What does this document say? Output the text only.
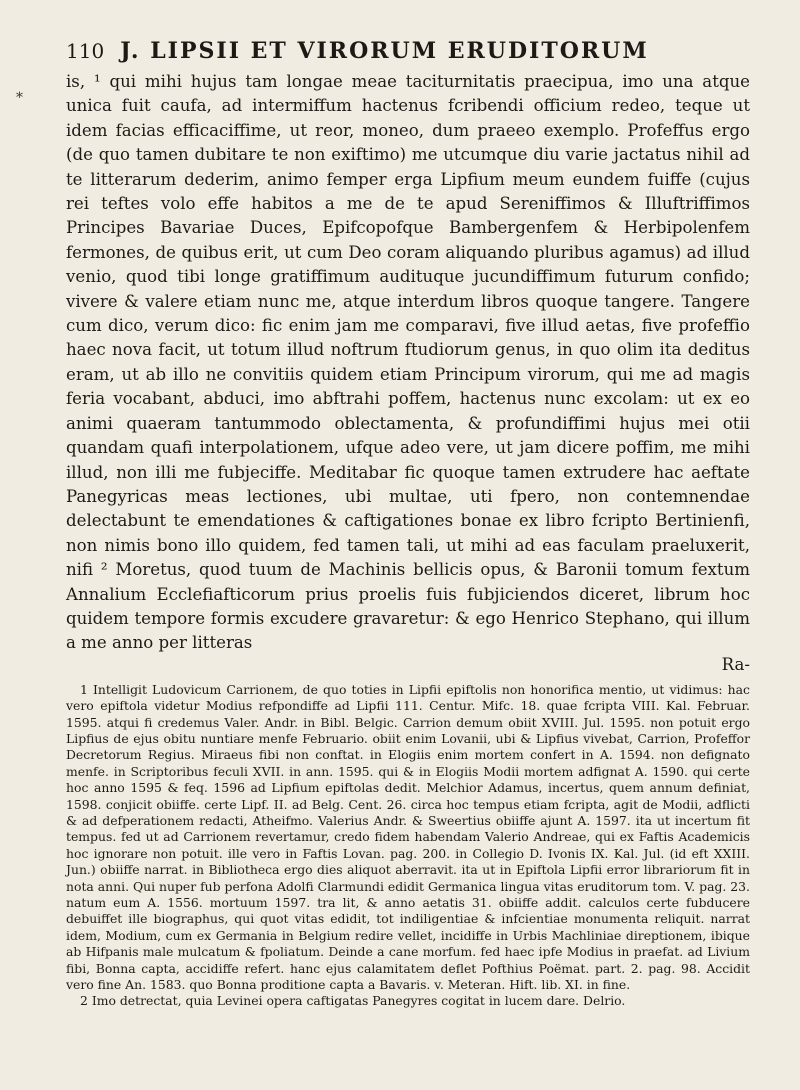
*
110 J. LIPSII ET VIRORUM ERUDITORUM
is, ¹ qui mihi hujus tam longae meae taciturnitatis praecipua, imo una atque unica fuit caufa, ad intermiffum hactenus fcribendi officium redeo, teque ut idem facias efficaciffime, ut reor, moneo, dum praeeo exemplo. Profeffus ergo (de quo tamen dubitare te non exiftimo) me utcumque diu varie jactatus nihil ad te litterarum dederim, animo femper erga Lipfium meum eundem fuiffe (cujus rei teftes volo effe habitos a me de te apud Sereniffimos & Illuftriffimos Principes Bavariae Duces, Epifcopofque Bambergenfem & Herbipolenfem fermones, de quibus erit, ut cum Deo coram aliquando pluribus agamus) ad illud venio, quod tibi longe gratiffimum audituque jucundiffimum futurum confido; vivere & valere etiam nunc me, atque interdum libros quoque tangere. Tangere cum dico, verum dico: fic enim jam me comparavi, five illud aetas, five profeffio haec nova facit, ut totum illud noftrum ftudiorum genus, in quo olim ita deditus eram, ut ab illo ne convitiis quidem etiam Principum virorum, qui me ad magis feria vocabant, abduci, imo abftrahi poffem, hactenus nunc excolam: ut ex eo animi quaeram tantummodo oblectamenta, & profundiffimi hujus mei otii quandam quafi interpolationem, ufque adeo vere, ut jam dicere poffim, me mihi illud, non illi me fubjeciffe. Meditabar fic quoque tamen extrudere hac aeftate Panegyricas meas lectiones, ubi multae, uti fpero, non contemnendae delectabunt te emendationes & caftigationes bonae ex libro fcripto Bertinienfi, non nimis bono illo quidem, fed tamen tali, ut mihi ad eas faculam praeluxerit, nifi ² Moretus, quod tuum de Machinis bellicis opus, & Baronii tomum fextum Annalium Ecclefiafticorum prius proelis fuis fubjiciendos diceret, librum hoc quidem tempore formis excudere gravaretur: & ego Henrico Stephano, qui illum a me anno per litteras
Ra-

1 Intelligit Ludovicum Carrionem, de quo toties in Lipfii epiftolis non honorifica mentio, ut vidimus: hac vero epiftola videtur Modius refpondiffe ad Lipfii 111. Centur. Mifc. 18. quae fcripta VIII. Kal. Februar. 1595. atqui fi credemus Valer. Andr. in Bibl. Belgic. Carrion demum obiit XVIII. Jul. 1595. non potuit ergo Lipfius de ejus obitu nuntiare menfe Februario. obiit enim Lovanii, ubi & Lipfius vivebat, Carrion, Profeffor Decretorum Regius. Miraeus fibi non conftat. in Elogiis enim mortem confert in A. 1594. non defignato menfe. in Scriptoribus feculi XVII. in ann. 1595. qui & in Elogiis Modii mortem adfignat A. 1590. qui certe hoc anno 1595 & feq. 1596 ad Lipfium epiftolas dedit. Melchior Adamus, incertus, quem annum definiat, 1598. conjicit obiiffe. certe Lipf. II. ad Belg. Cent. 26. circa hoc tempus etiam fcripta, agit de Modii, adflicti & ad defperationem redacti, Atheifmo. Valerius Andr. & Sweertius obiiffe ajunt A. 1597. ita ut incertum fit tempus. fed ut ad Carrionem revertamur, credo fidem habendam Valerio Andreae, qui ex Faftis Academicis hoc ignorare non potuit. ille vero in Faftis Lovan. pag. 200. in Collegio D. Ivonis IX. Kal. Jul. (id eft XXIII. Jun.) obiiffe narrat. in Bibliotheca ergo dies aliquot aberravit. ita ut in Epiftola Lipfii error librariorum fit in nota anni. Qui nuper fub perfona Adolfi Clarmundi edidit Germanica lingua vitas eruditorum tom. V. pag. 23. natum eum A. 1556. mortuum 1597. tra lit, & anno aetatis 31. obiiffe addit. calculos certe fubducere debuiffet ille biographus, qui quot vitas edidit, tot indiligentiae & infcientiae monumenta reliquit. narrat idem, Modium, cum ex Germania in Belgium redire vellet, incidiffe in Urbis Machliniae direptionem, ibique ab Hifpanis male mulcatum & fpoliatum. Deinde a cane morfum. fed haec ipfe Modius in praefat. ad Livium fibi, Bonna capta, accidiffe refert. hanc ejus calamitatem deflet Pofthius Poëmat. part. 2. pag. 98. Accidit vero fine An. 1583. quo Bonna proditione capta a Bavaris. v. Meteran. Hift. lib. XI. in fine.

2 Imo detrectat, quia Levinei opera caftigatas Panegyres cogitat in lucem dare. Delrio.
